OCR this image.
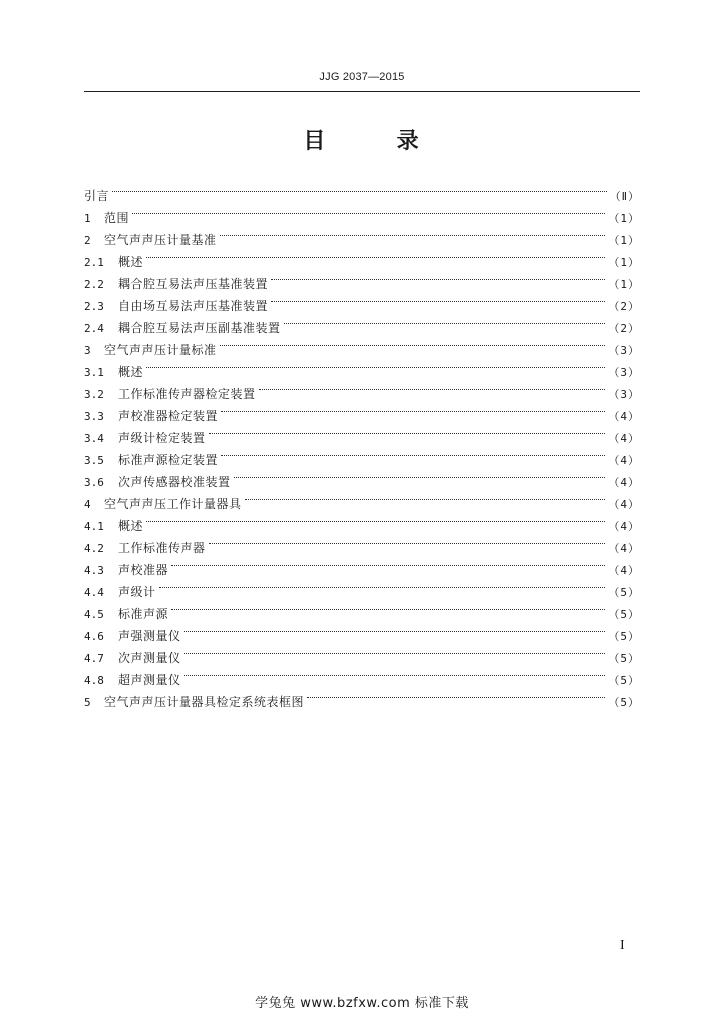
JJG 2037—2015
目	录
引言	（Ⅱ）
1	范围	（1）
2	空气声声压计量基准	（1）
2.1	概述	（1）
2.2	耦合腔互易法声压基准装置	（1）
2.3	自由场互易法声压基准装置	（2）
2.4	耦合腔互易法声压副基准装置	（2）
3	空气声声压计量标准	（3）
3.1	概述	（3）
3.2	工作标准传声器检定装置	（3）
3.3	声校准器检定装置	（4）
3.4	声级计检定装置	（4）
3.5	标准声源检定装置	（4）
3.6	次声传感器校准装置	（4）
4	空气声声压工作计量器具	（4）
4.1	概述	（4）
4.2	工作标准传声器	（4）
4.3	声校准器	（4）
4.4	声级计	（5）
4.5	标准声源	（5）
4.6	声强测量仪	（5）
4.7	次声测量仪	（5）
4.8	超声测量仪	（5）
5	空气声声压计量器具检定系统表框图	（5）
I
学兔兔 www.bzfxw.com 标准下载
